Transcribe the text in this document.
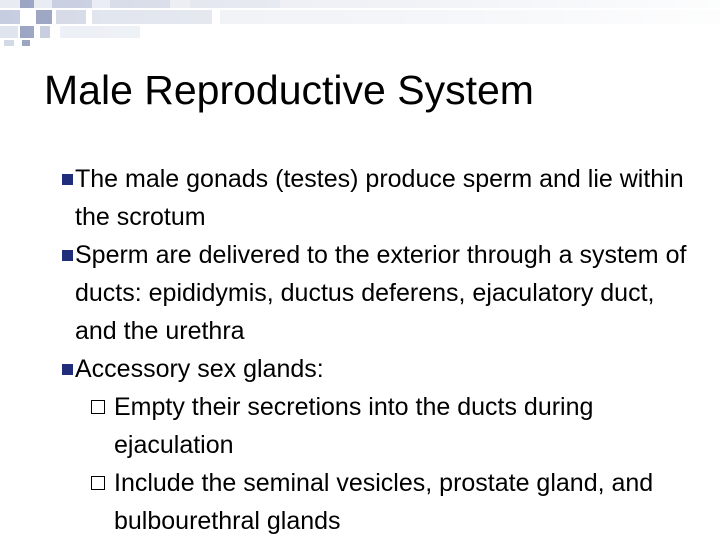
Male Reproductive System
The male gonads (testes) produce sperm and lie within the scrotum
Sperm are delivered to the exterior through a system of ducts: epididymis, ductus deferens, ejaculatory duct, and the urethra
Accessory sex glands:
Empty their secretions into the ducts during ejaculation
Include the seminal vesicles, prostate gland, and bulbourethral glands
